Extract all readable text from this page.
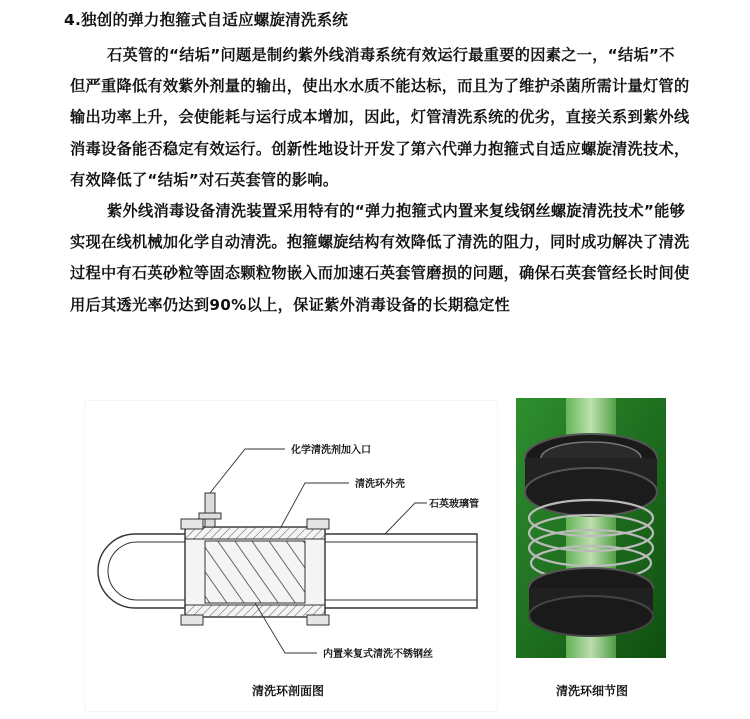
4.独创的弹力抱箍式自适应螺旋清洗系统

石英管的“结垢”问题是制约紫外线消毒系统有效运行最重要的因素之一，“结垢”不但严重降低有效紫外剂量的输出，使出水水质不能达标，而且为了维护杀菌所需计量灯管的输出功率上升，会使能耗与运行成本增加，因此，灯管清洗系统的优劣，直接关系到紫外线消毒设备能否稳定有效运行。创新性地设计开发了第六代弹力抱箍式自适应螺旋清洗技术，有效降低了“结垢”对石英套管的影响。

紫外线消毒设备清洗装置采用特有的“弹力抱箍式内置来复线钢丝螺旋清洗技术”能够实现在线机械加化学自动清洗。抱箍螺旋结构有效降低了清洗的阻力，同时成功解决了清洗过程中有石英砂粒等固态颗粒物嵌入而加速石英套管磨损的问题，确保石英套管经长时间使用后其透光率仍达到90%以上，保证紫外消毒设备的长期稳定性

化学清洗剂加入口
清洗环外壳
石英玻璃管
内置来复式清洗不锈钢丝
清洗环剖面图	清洗环细节图
